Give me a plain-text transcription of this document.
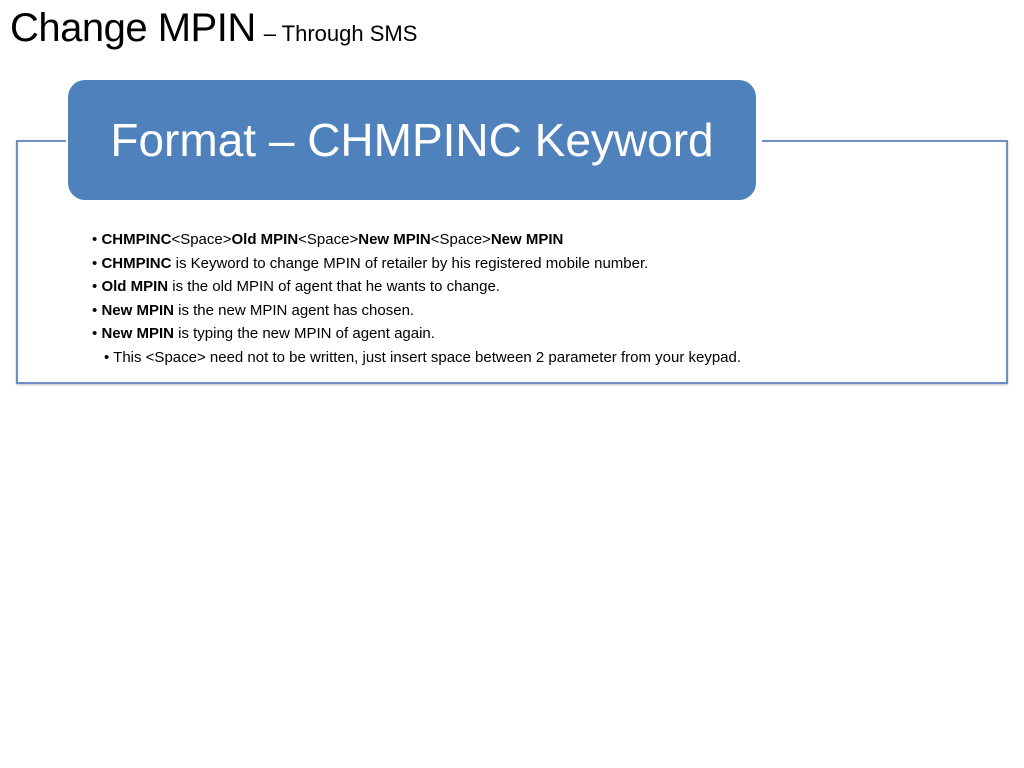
Change MPIN – Through SMS
Format – CHMPINC Keyword
• CHMPINC<Space>Old MPIN<Space>New MPIN<Space>New MPIN
• CHMPINC is Keyword to change MPIN of retailer by his registered mobile number.
• Old MPIN is the old MPIN of agent that he wants to change.
• New MPIN is the new MPIN agent has chosen.
• New MPIN is typing the new MPIN of agent again.
• This <Space> need not to be written, just insert space between 2 parameter from your keypad.
